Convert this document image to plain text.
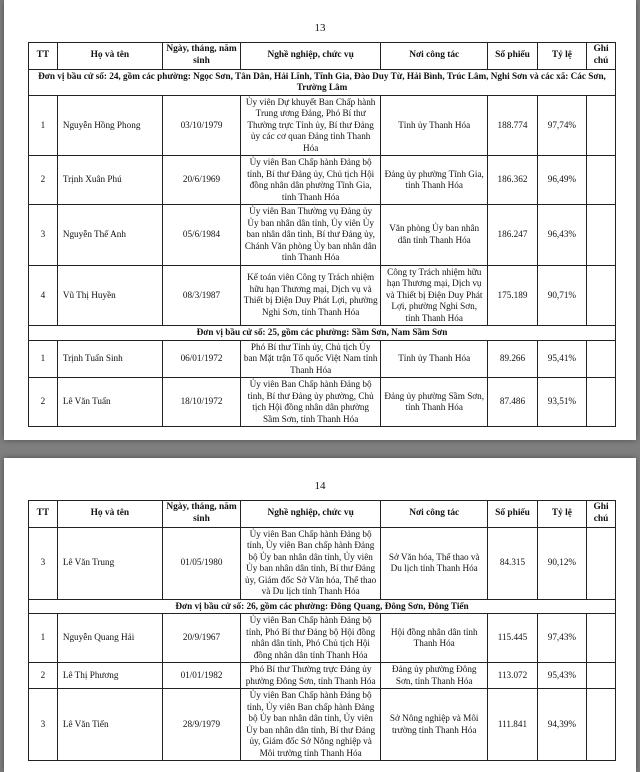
13
TT	Họ và tên	Ngày, tháng, năm sinh	Nghề nghiệp, chức vụ	Nơi công tác	Số phiếu	Tỷ lệ	Ghi chú
Đơn vị bầu cử số: 24, gồm các phường: Ngọc Sơn, Tân Dân, Hải Lĩnh, Tĩnh Gia, Đào Duy Từ, Hải Bình, Trúc Lâm, Nghi Sơn và các xã: Các Sơn, Trường Lâm							
1	Nguyễn Hồng Phong	03/10/1979	Ủy viên Dự khuyết Ban Chấp hành Trung ương Đảng, Phó Bí thư Thường trực Tỉnh ủy, Bí thư Đảng ủy các cơ quan Đảng tỉnh Thanh Hóa	Tỉnh ủy Thanh Hóa	188.774	97,74%	
2	Trịnh Xuân Phú	20/6/1969	Ủy viên Ban Chấp hành Đảng bộ tỉnh, Bí thư Đảng ủy, Chủ tịch Hội đồng nhân dân phường Tĩnh Gia, tỉnh Thanh Hóa	Đảng ủy phường Tĩnh Gia, tỉnh Thanh Hóa	186.362	96,49%	
3	Nguyễn Thế Anh	05/6/1984	Ủy viên Ban Thường vụ Đảng ủy Ủy ban nhân dân tỉnh, Ủy viên Ủy ban nhân dân tỉnh, Bí thư Đảng ủy, Chánh Văn phòng Ủy ban nhân dân tỉnh Thanh Hóa	Văn phòng Ủy ban nhân dân tỉnh Thanh Hóa	186.247	96,43%	
4	Vũ Thị Huyền	08/3/1987	Kế toán viên Công ty Trách nhiệm hữu hạn Thương mại, Dịch vụ và Thiết bị Điện Duy Phát Lợi, phường Nghi Sơn, tỉnh Thanh Hóa	Công ty Trách nhiệm hữu hạn Thương mại, Dịch vụ và Thiết bị Điện Duy Phát Lợi, phường Nghi Sơn, tỉnh Thanh Hóa	175.189	90,71%	
Đơn vị bầu cử số: 25, gồm các phường: Sầm Sơn, Nam Sầm Sơn							
1	Trịnh Tuấn Sinh	06/01/1972	Phó Bí thư Tỉnh ủy, Chủ tịch Ủy ban Mặt trận Tổ quốc Việt Nam tỉnh Thanh Hóa	Tỉnh ủy Thanh Hóa	89.266	95,41%	
2	Lê Văn Tuấn	18/10/1972	Ủy viên Ban Chấp hành Đảng bộ tỉnh, Bí thư Đảng ủy phường, Chủ tịch Hội đồng nhân dân phường Sầm Sơn, tỉnh Thanh Hóa	Đảng ủy phường Sầm Sơn, tỉnh Thanh Hóa	87.486	93,51%	
14
TT	Họ và tên	Ngày, tháng, năm sinh	Nghề nghiệp, chức vụ	Nơi công tác	Số phiếu	Tỷ lệ	Ghi chú
3	Lê Văn Trung	01/05/1980	Ủy viên Ban Chấp hành Đảng bộ tỉnh, Ủy viên Ban chấp hành Đảng bộ Ủy ban nhân dân tỉnh, Ủy viên Ủy ban nhân dân tỉnh, Bí thư Đảng ủy, Giám đốc Sở Văn hóa, Thể thao và Du lịch tỉnh Thanh Hóa	Sở Văn hóa, Thể thao và Du lịch tỉnh Thanh Hóa	84.315	90,12%	
Đơn vị bầu cử số: 26, gồm các phường: Đông Quang, Đông Sơn, Đông Tiến							
1	Nguyễn Quang Hải	20/9/1967	Ủy viên Ban Chấp hành Đảng bộ tỉnh, Phó Bí thư Đảng bộ Hội đồng nhân dân tỉnh, Phó Chủ tịch Hội đồng nhân dân tỉnh Thanh Hóa	Hội đồng nhân dân tỉnh Thanh Hóa	115.445	97,43%	
2	Lê Thị Phương	01/01/1982	Phó Bí thư Thường trực Đảng ủy phường Đông Sơn, tỉnh Thanh Hóa	Đảng ủy phường Đông Sơn, tỉnh Thanh Hóa	113.072	95,43%	
3	Lê Văn Tiến	28/9/1979	Ủy viên Ban Chấp hành Đảng bộ tỉnh, Ủy viên Ban chấp hành Đảng bộ Ủy ban nhân dân tỉnh, Ủy viên Ủy ban nhân dân tỉnh, Bí thư Đảng ủy, Giám đốc Sở Nông nghiệp và Môi trường tỉnh Thanh Hóa	Sở Nông nghiệp và Môi trường tỉnh Thanh Hóa	111.841	94,39%	
